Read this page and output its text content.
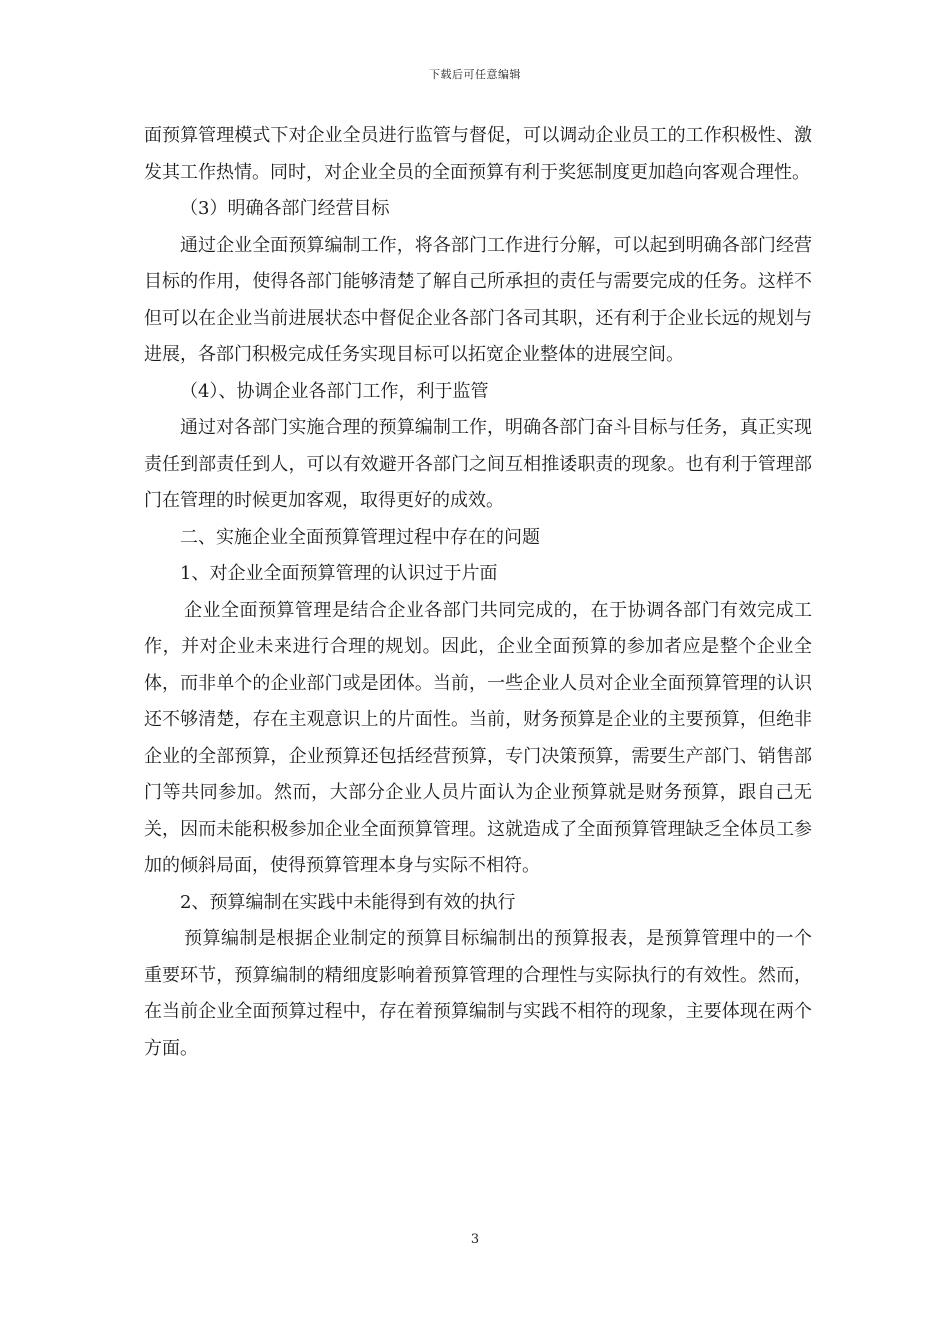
下载后可任意编辑

面预算管理模式下对企业全员进行监管与督促，可以调动企业员工的工作积极性、激发其工作热情。同时，对企业全员的全面预算有利于奖惩制度更加趋向客观合理性。

（3）明确各部门经营目标

通过企业全面预算编制工作，将各部门工作进行分解，可以起到明确各部门经营目标的作用，使得各部门能够清楚了解自己所承担的责任与需要完成的任务。这样不但可以在企业当前进展状态中督促企业各部门各司其职，还有利于企业长远的规划与进展，各部门积极完成任务实现目标可以拓宽企业整体的进展空间。

（4）、协调企业各部门工作，利于监管

通过对各部门实施合理的预算编制工作，明确各部门奋斗目标与任务，真正实现责任到部责任到人，可以有效避开各部门之间互相推诿职责的现象。也有利于管理部门在管理的时候更加客观，取得更好的成效。

二、实施企业全面预算管理过程中存在的问题

1、对企业全面预算管理的认识过于片面

企业全面预算管理是结合企业各部门共同完成的，在于协调各部门有效完成工作，并对企业未来进行合理的规划。因此，企业全面预算的参加者应是整个企业全体，而非单个的企业部门或是团体。当前，一些企业人员对企业全面预算管理的认识还不够清楚，存在主观意识上的片面性。当前，财务预算是企业的主要预算，但绝非企业的全部预算，企业预算还包括经营预算，专门决策预算，需要生产部门、销售部门等共同参加。然而，大部分企业人员片面认为企业预算就是财务预算，跟自己无关，因而未能积极参加企业全面预算管理。这就造成了全面预算管理缺乏全体员工参加的倾斜局面，使得预算管理本身与实际不相符。

2、预算编制在实践中未能得到有效的执行

预算编制是根据企业制定的预算目标编制出的预算报表，是预算管理中的一个重要环节，预算编制的精细度影响着预算管理的合理性与实际执行的有效性。然而，在当前企业全面预算过程中，存在着预算编制与实践不相符的现象，主要体现在两个方面。

3
